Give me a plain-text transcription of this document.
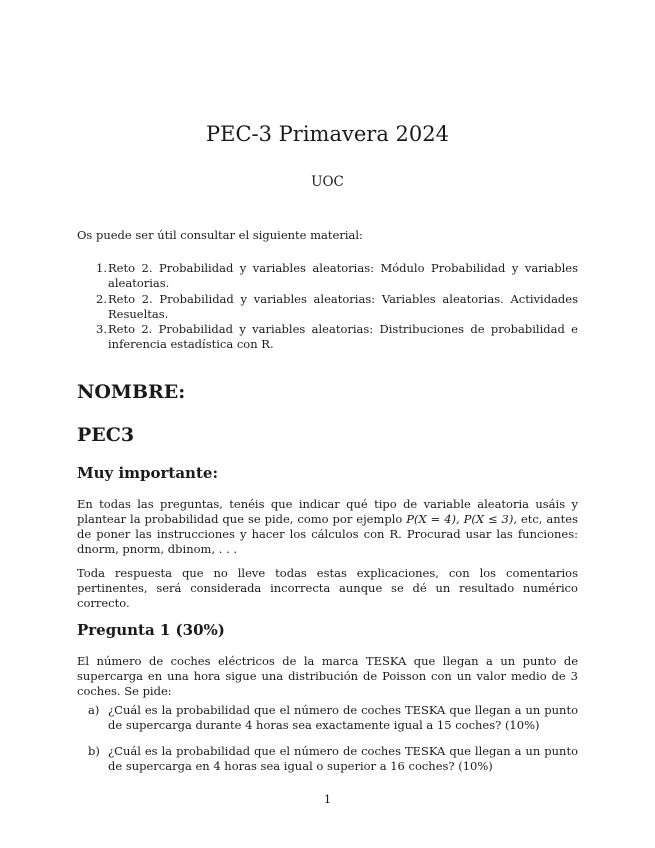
PEC-3 Primavera 2024
UOC
Os puede ser útil consultar el siguiente material:
1. Reto 2. Probabilidad y variables aleatorias: Módulo Probabilidad y variables aleatorias.
2. Reto 2. Probabilidad y variables aleatorias: Variables aleatorias. Actividades Resueltas.
3. Reto 2. Probabilidad y variables aleatorias: Distribuciones de probabilidad e inferencia estadística con R.
NOMBRE:
PEC3
Muy importante:
En todas las preguntas, tenéis que indicar qué tipo de variable aleatoria usáis y plantear la probabilidad que se pide, como por ejemplo P(X = 4), P(X ≤ 3), etc, antes de poner las instrucciones y hacer los cálculos con R. Procurad usar las funciones: dnorm, pnorm, dbinom, . . .
Toda respuesta que no lleve todas estas explicaciones, con los comentarios pertinentes, será considerada incorrecta aunque se dé un resultado numérico correcto.
Pregunta 1 (30%)
El número de coches eléctricos de la marca TESKA que llegan a un punto de supercarga en una hora sigue una distribución de Poisson con un valor medio de 3 coches. Se pide:
a) ¿Cuál es la probabilidad que el número de coches TESKA que llegan a un punto de supercarga durante 4 horas sea exactamente igual a 15 coches? (10%)
b) ¿Cuál es la probabilidad que el número de coches TESKA que llegan a un punto de supercarga en 4 horas sea igual o superior a 16 coches? (10%)
1
